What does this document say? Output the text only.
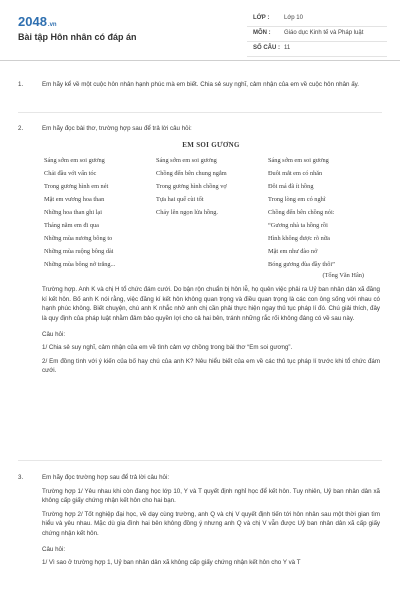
2048.vn
Bài tập Hôn nhân có đáp án
LỚP : Lớp 10
MÔN : Giáo dục Kinh tế và Pháp luật
SỐ CÂU : 11
1.	Em hãy kể về một cuộc hôn nhân hạnh phúc mà em biết. Chia sẻ suy nghĩ, cảm nhận của em về cuộc hôn nhân ấy.
2.	Em hãy đọc bài thơ, trường hợp sau để trả lời câu hỏi:
EM SOI GƯƠNG
Sáng sớm em soi gương
Chải đầu với vấn tóc
Trong gương hình em nét
Mặt em vương hoa than
Những hoa than ghi lại
Tháng năm em đi qua
Những mùa nương bông to
Những mùa ruộng bông dài
Những mùa bông nở trắng...
Sáng sớm em soi gương
Chồng đến bên chung ngắm
Trong gương hình chồng vợ
Tựa hai quế cùi tốt
Chảy lên ngọn lửa hồng.
Sáng sớm em soi gương
Đuôi mắt em có nhăn
Đôi má đã ít hồng
Trong lòng em có nghĩ
Chồng đến bên chồng nói:
“Gương nhà ta hồng rồi
Hình không được rõ nữa
Mặt em như đào nở
Bóng gương đùa đầy thôi”
(Tống Văn Hân)
Trường hợp. Anh K và chị H tổ chức đám cưới. Do bận rộn chuẩn bị hôn lễ, họ quên việc phải ra Uỷ ban nhân dân xã đăng kí kết hôn. Bố anh K nói rằng, việc đăng kí kết hôn không quan trọng và điều quan trọng là các con ông sống với nhau có hạnh phúc không. Biết chuyện, chú anh K nhắc nhở anh chị cần phải thực hiện ngay thủ tục pháp lí đó. Chú giải thích, đây là quy định của pháp luật nhằm đảm bảo quyền lợi cho cả hai bên, tránh những rắc rối không đáng có về sau này.
Câu hỏi:
1/ Chia sẻ suy nghĩ, cảm nhận của em về tình cảm vợ chồng trong bài thơ “Em soi gương”.
2/ Em đồng tình với ý kiến của bố hay chú của anh K? Nêu hiểu biết của em về các thủ tục pháp lí trước khi tổ chức đám cưới.
3.	Em hãy đọc trường hợp sau để trả lời câu hỏi:
Trường hợp 1/ Yêu nhau khi còn đang học lớp 10, Y và T quyết định nghỉ học để kết hôn. Tuy nhiên, Uỷ ban nhân dân xã không cấp giấy chứng nhận kết hôn cho hai bạn.
Trường hợp 2/ Tốt nghiệp đại học, về dạy cùng trường, anh Q và chị V quyết định tiến tới hôn nhân sau một thời gian tìm hiểu và yêu nhau. Mặc dù gia đình hai bên không đồng ý nhưng anh Q và chị V vẫn được Uỷ ban nhân dân xã cấp giấy chứng nhận kết hôn.
Câu hỏi:
1/ Vì sao ở trường hợp 1, Uỷ ban nhân dân xã không cấp giấy chứng nhận kết hôn cho Y và T
